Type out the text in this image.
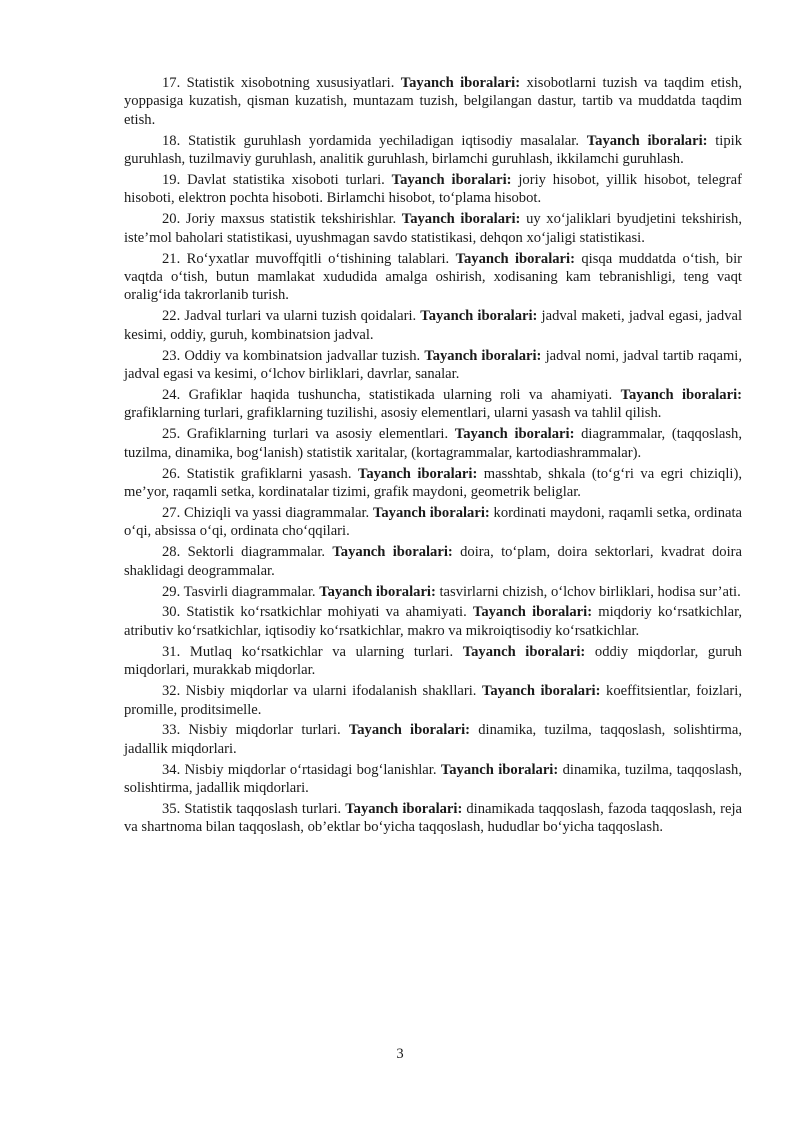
17. Statistik xisobotning xususiyatlari. Tayanch iboralari: xisobotlarni tuzish va taqdim etish, yoppasiga kuzatish, qisman kuzatish, muntazam tuzish, belgilangan dastur, tartib va muddatda taqdim etish.

18. Statistik guruhlash yordamida yechiladigan iqtisodiy masalalar. Tayanch iboralari: tipik guruhlash, tuzilmaviy guruhlash, analitik guruhlash, birlamchi guruhlash, ikkilamchi guruhlash.

19. Davlat statistika xisoboti turlari. Tayanch iboralari: joriy hisobot, yillik hisobot, telegraf hisoboti, elektron pochta hisoboti. Birlamchi hisobot, to‘plama hisobot.

20. Joriy maxsus statistik tekshirishlar. Tayanch iboralari: uy xo‘jaliklari byudjetini tekshirish, iste’mol baholari statistikasi, uyushmagan savdo statistikasi, dehqon xo‘jaligi statistikasi.

21. Ro‘yxatlar muvoffqitli o‘tishining talablari. Tayanch iboralari: qisqa muddatda o‘tish, bir vaqtda o‘tish, butun mamlakat xududida amalga oshirish, xodisaning kam tebranishligi, teng vaqt oralig‘ida takrorlanib turish.

22. Jadval turlari va ularni tuzish qoidalari. Tayanch iboralari: jadval maketi, jadval egasi, jadval kesimi, oddiy, guruh, kombinatsion jadval.

23. Oddiy va kombinatsion jadvallar tuzish. Tayanch iboralari: jadval nomi, jadval tartib raqami, jadval egasi va kesimi, o‘lchov birliklari, davrlar, sanalar.

24. Grafiklar haqida tushuncha, statistikada ularning roli va ahamiyati. Tayanch iboralari: grafiklarning turlari, grafiklarning tuzilishi, asosiy elementlari, ularni yasash va tahlil qilish.

25. Grafiklarning turlari va asosiy elementlari. Tayanch iboralari: diagrammalar, (taqqoslash, tuzilma, dinamika, bog‘lanish) statistik xaritalar, (kortagrammalar, kartodiashrammalar).

26. Statistik grafiklarni yasash. Tayanch iboralari: masshtab, shkala (to‘g‘ri va egri chiziqli), me’yor, raqamli setka, kordinatalar tizimi, grafik maydoni, geometrik beliglar.

27. Chiziqli va yassi diagrammalar. Tayanch iboralari: kordinati maydoni, raqamli setka, ordinata o‘qi, absissa o‘qi, ordinata cho‘qqilari.

28. Sektorli diagrammalar. Tayanch iboralari: doira, to‘plam, doira sektorlari, kvadrat doira shaklidagi deogrammalar.

29. Tasvirli diagrammalar. Tayanch iboralari: tasvirlarni chizish, o‘lchov birliklari, hodisa sur’ati.

30. Statistik ko‘rsatkichlar mohiyati va ahamiyati. Tayanch iboralari: miqdoriy ko‘rsatkichlar, atributiv ko‘rsatkichlar, iqtisodiy ko‘rsatkichlar, makro va mikroiqtisodiy ko‘rsatkichlar.

31. Mutlaq ko‘rsatkichlar va ularning turlari. Tayanch iboralari: oddiy miqdorlar, guruh miqdorlari, murakkab miqdorlar.

32. Nisbiy miqdorlar va ularni ifodalanish shakllari. Tayanch iboralari: koeffitsientlar, foizlari, promille, proditsimelle.

33. Nisbiy miqdorlar turlari. Tayanch iboralari: dinamika, tuzilma, taqqoslash, solishtirma, jadallik miqdorlari.

34. Nisbiy miqdorlar o‘rtasidagi bog‘lanishlar. Tayanch iboralari: dinamika, tuzilma, taqqoslash, solishtirma, jadallik miqdorlari.

35. Statistik taqqoslash turlari. Tayanch iboralari: dinamikada taqqoslash, fazoda taqqoslash, reja va shartnoma bilan taqqoslash, ob’ektlar bo‘yicha taqqoslash, hududlar bo‘yicha taqqoslash.

3
